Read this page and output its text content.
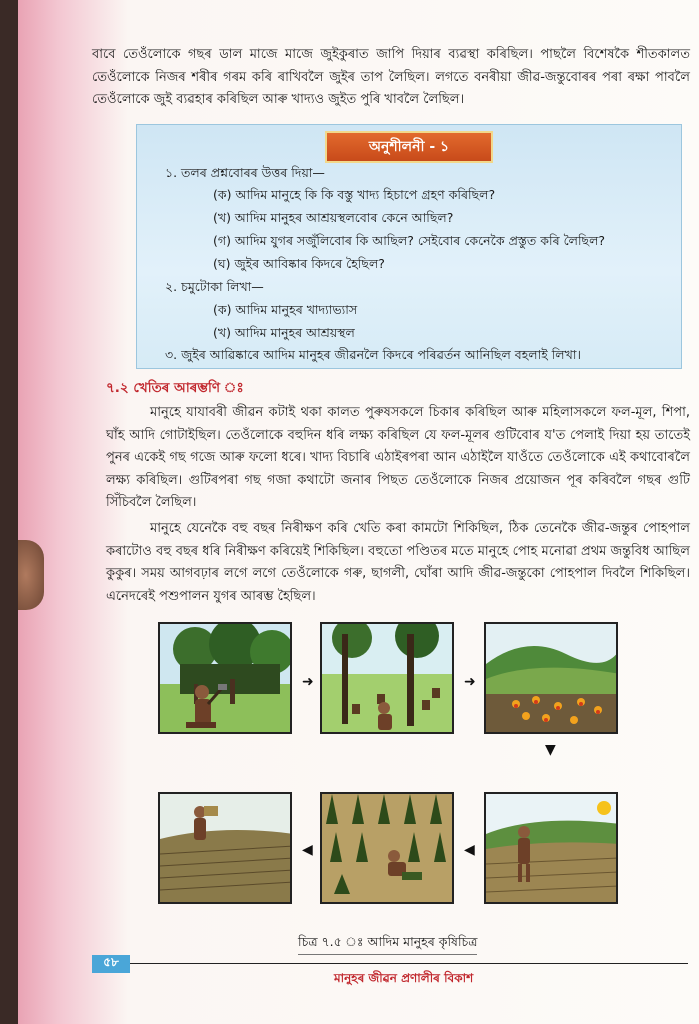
বাবে তেওঁলোকে গছৰ ডাল মাজে মাজে জুইকুৰাত জাপি দিয়াৰ ব্যৱস্থা কৰিছিল। পাছলৈ বিশেষকৈ শীতকালত তেওঁলোকে নিজৰ শৰীৰ গৰম কৰি ৰাখিবলৈ জুইৰ তাপ লৈছিল। লগতে বনৰীয়া জীৱ-জন্তুবোৰৰ পৰা ৰক্ষা পাবলৈ তেওঁলোকে জুই ব্যৱহাৰ কৰিছিল আৰু খাদ্যও জুইত পুৰি খাবলৈ লৈছিল।

অনুশীলনী - ১
১. তলৰ প্ৰশ্নবোৰৰ উত্তৰ দিয়া—
(ক) আদিম মানুহে কি কি বস্তু খাদ্য হিচাপে গ্ৰহণ কৰিছিল?
(খ) আদিম মানুহৰ আশ্ৰয়স্থলবোৰ কেনে আছিল?
(গ) আদিম যুগৰ সজুঁলিবোৰ কি আছিল? সেইবোৰ কেনেকৈ প্ৰস্তুত কৰি লৈছিল?
(ঘ) জুইৰ আবিষ্কাৰ কিদৰে হৈছিল?
২. চমুটোকা লিখা—
(ক) আদিম মানুহৰ খাদ্যাভ্যাস
(খ) আদিম মানুহৰ আশ্ৰয়স্থল
৩. জুইৰ আৱিষ্কাৰে আদিম মানুহৰ জীৱনলৈ কিদৰে পৰিৱৰ্তন আনিছিল বহলাই লিখা।
৭.২ খেতিৰ আৰম্ভণি ঃ

মানুহে যাযাবৰী জীৱন কটাই থকা কালত পুৰুষসকলে চিকাৰ কৰিছিল আৰু মহিলাসকলে ফল-মূল, শিপা, ঘাঁহ আদি গোটাইছিল। তেওঁলোকে বহুদিন ধৰি লক্ষ্য কৰিছিল যে ফল-মূলৰ গুটিবোৰ য'ত পেলাই দিয়া হয় তাতেই পুনৰ একেই গছ গজে আৰু ফলো ধৰে। খাদ্য বিচাৰি এঠাইৰপৰা আন এঠাইলৈ যাওঁতে তেওঁলোকে এই কথাবোৰলৈ লক্ষ্য কৰিছিল। গুটিৰপৰা গছ গজা কথাটো জনাৰ পিছত তেওঁলোকে নিজৰ প্ৰয়োজন পূৰ কৰিবলৈ গছৰ গুটি সিঁচিবলৈ লৈছিল।

মানুহে যেনেকৈ বহু বছৰ নিৰীক্ষণ কৰি খেতি কৰা কামটো শিকিছিল, ঠিক তেনেকৈ জীৱ-জন্তুৰ পোহপাল কৰাটোও বহু বছৰ ধৰি নিৰীক্ষণ কৰিয়েই শিকিছিল। বহুতো পণ্ডিতৰ মতে মানুহে পোহ মনোৱা প্ৰথম জন্তুবিধ আছিল কুকুৰ। সময় আগবঢ়াৰ লগে লগে তেওঁলোকে গৰু, ছাগলী, ঘোঁৰা আদি জীৱ-জন্তুকো পোহপাল দিবলৈ শিকিছিল। এনেদৰেই পশুপালন যুগৰ আৰম্ভ হৈছিল।

➜	➜
▼
◀	◀
চিত্ৰ ৭.৫ ঃ আদিম মানুহৰ কৃষিচিত্ৰ
৫৮
মানুহৰ জীৱন প্ৰণালীৰ বিকাশ
